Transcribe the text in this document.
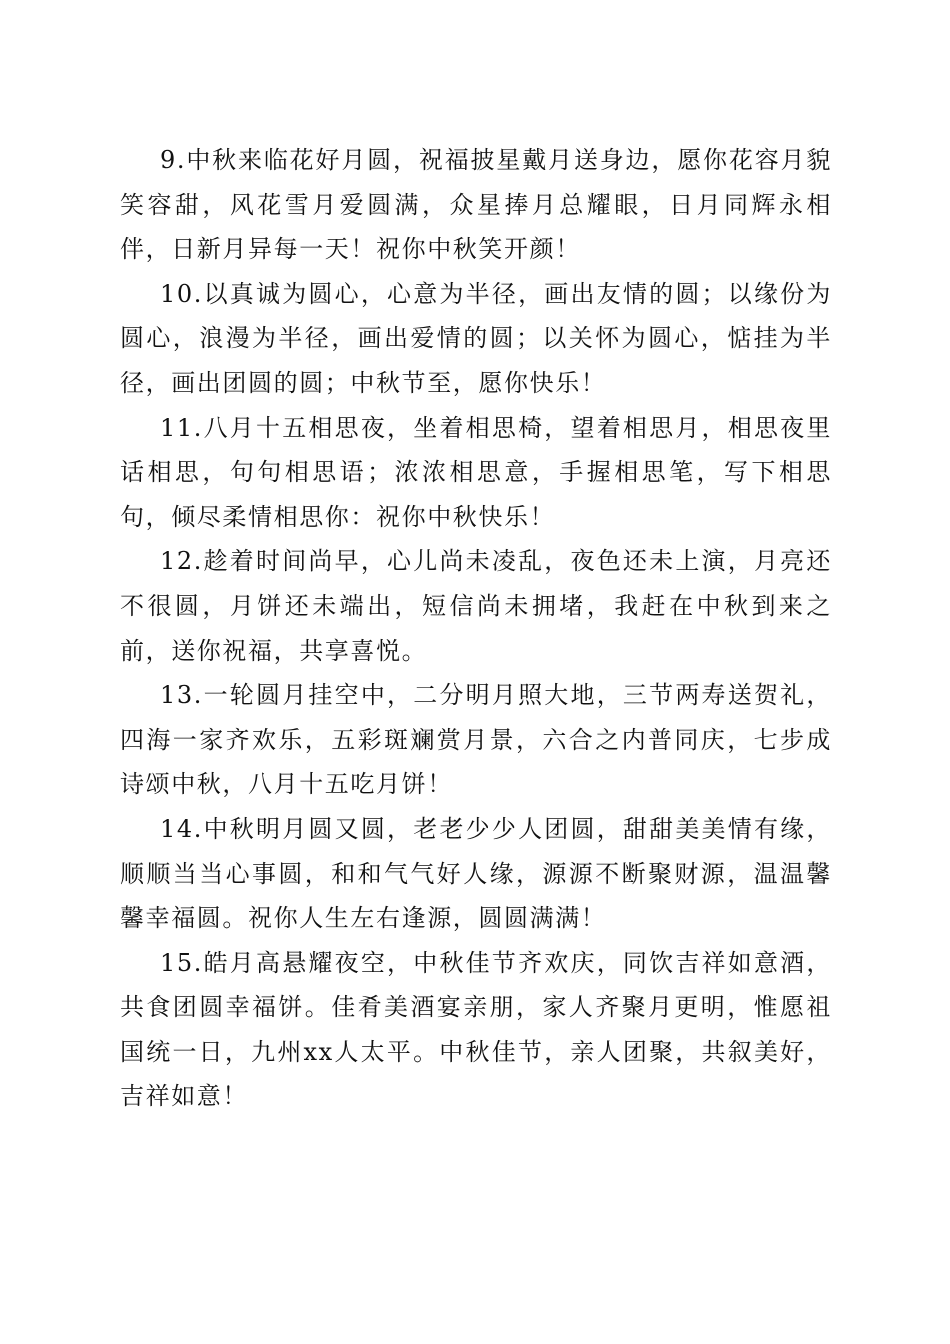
9.中秋来临花好月圆，祝福披星戴月送身边，愿你花容月貌笑容甜，风花雪月爱圆满，众星捧月总耀眼，日月同辉永相伴，日新月异每一天！祝你中秋笑开颜！

10.以真诚为圆心，心意为半径，画出友情的圆；以缘份为圆心，浪漫为半径，画出爱情的圆；以关怀为圆心，惦挂为半径，画出团圆的圆；中秋节至，愿你快乐！

11.八月十五相思夜，坐着相思椅，望着相思月，相思夜里话相思，句句相思语；浓浓相思意，手握相思笔，写下相思句，倾尽柔情相思你：祝你中秋快乐！

12.趁着时间尚早，心儿尚未凌乱，夜色还未上演，月亮还不很圆，月饼还未端出，短信尚未拥堵，我赶在中秋到来之前，送你祝福，共享喜悦。

13.一轮圆月挂空中，二分明月照大地，三节两寿送贺礼，四海一家齐欢乐，五彩斑斓赏月景，六合之内普同庆，七步成诗颂中秋，八月十五吃月饼！

14.中秋明月圆又圆，老老少少人团圆，甜甜美美情有缘，顺顺当当心事圆，和和气气好人缘，源源不断聚财源，温温馨馨幸福圆。祝你人生左右逢源，圆圆满满！

15.皓月高悬耀夜空，中秋佳节齐欢庆，同饮吉祥如意酒，共食团圆幸福饼。佳肴美酒宴亲朋，家人齐聚月更明，惟愿祖国统一日，九州xx人太平。中秋佳节，亲人团聚，共叙美好，吉祥如意！
